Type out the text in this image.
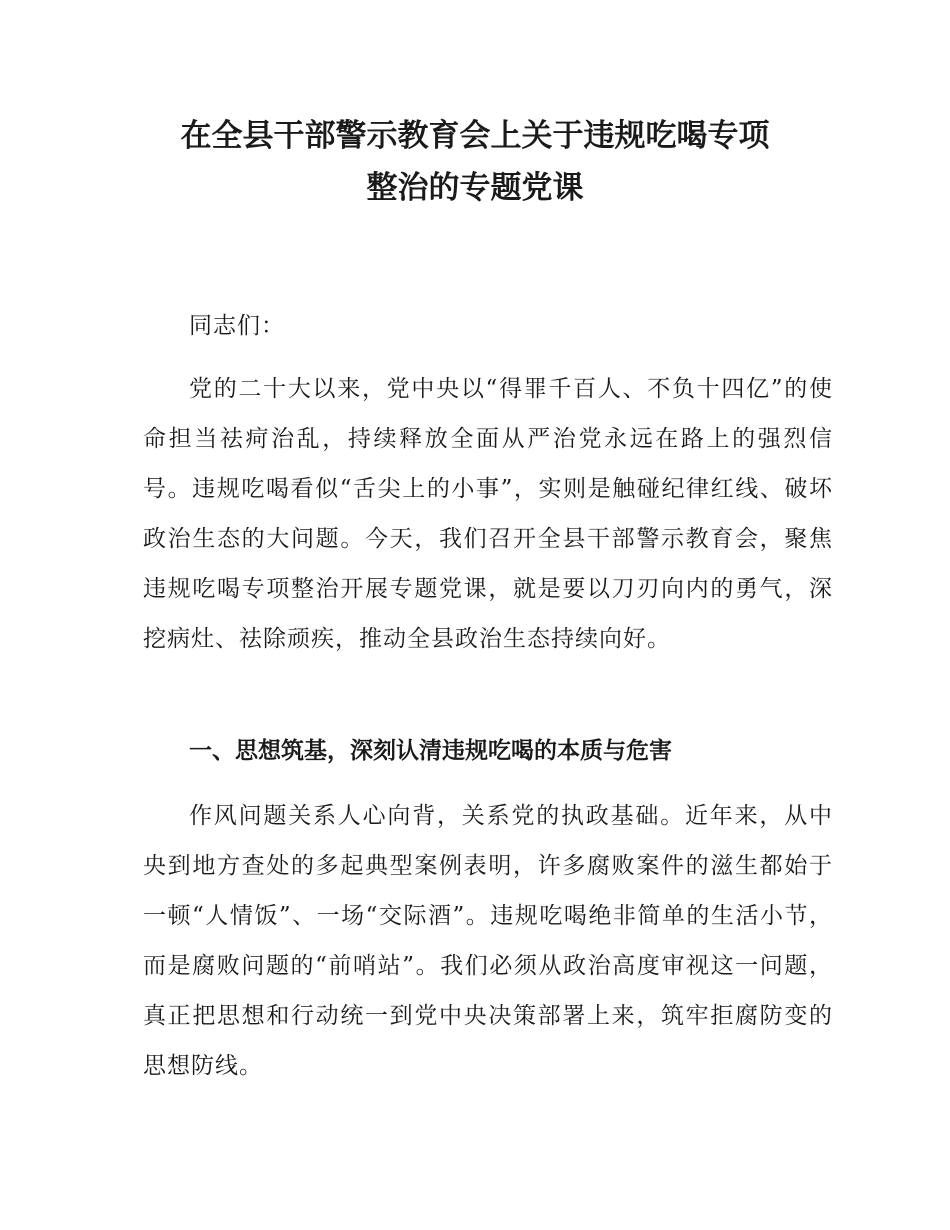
在全县干部警示教育会上关于违规吃喝专项
整治的专题党课

同志们：

党的二十大以来，党中央以“得罪千百人、不负十四亿”的使命担当祛疴治乱，持续释放全面从严治党永远在路上的强烈信号。违规吃喝看似“舌尖上的小事”，实则是触碰纪律红线、破坏政治生态的大问题。今天，我们召开全县干部警示教育会，聚焦违规吃喝专项整治开展专题党课，就是要以刀刃向内的勇气，深挖病灶、祛除顽疾，推动全县政治生态持续向好。

一、思想筑基，深刻认清违规吃喝的本质与危害

作风问题关系人心向背，关系党的执政基础。近年来，从中央到地方查处的多起典型案例表明，许多腐败案件的滋生都始于一顿“人情饭”、一场“交际酒”。违规吃喝绝非简单的生活小节，而是腐败问题的“前哨站”。我们必须从政治高度审视这一问题，真正把思想和行动统一到党中央决策部署上来，筑牢拒腐防变的思想防线。
